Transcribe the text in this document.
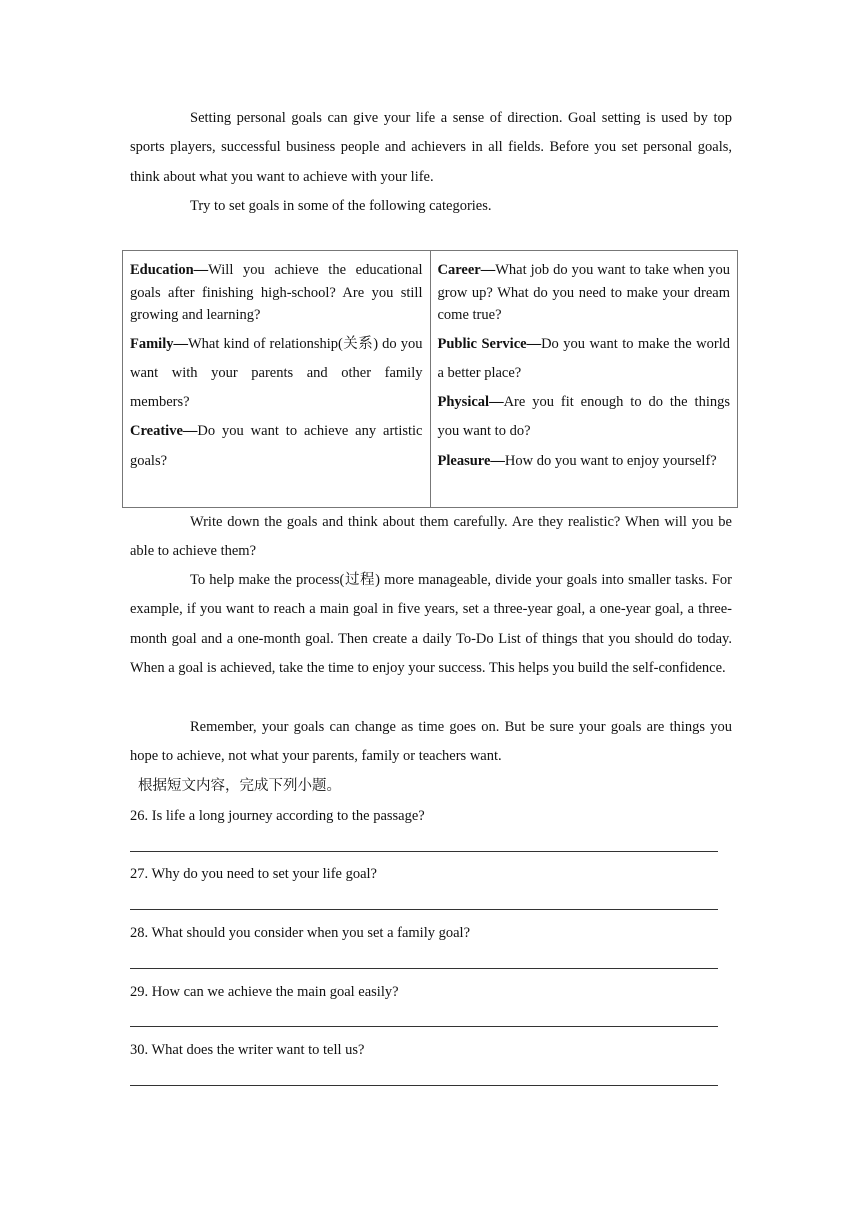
Setting personal goals can give your life a sense of direction. Goal setting is used by top sports players, successful business people and achievers in all fields. Before you set personal goals, think about what you want to achieve with your life.

Try to set goals in some of the following categories.

Education—Will you achieve the educational goals after finishing high-school? Are you still growing and learning?

Family—What kind of relationship(关系) do you want with your parents and other family members?

Creative—Do you want to achieve any artistic goals?

Career—What job do you want to take when you grow up? What do you need to make your dream come true?

Public Service—Do you want to make the world a better place?

Physical—Are you fit enough to do the things you want to do?

Pleasure—How do you want to enjoy yourself?

Write down the goals and think about them carefully. Are they realistic? When will you be able to achieve them?

To help make the process(过程) more manageable, divide your goals into smaller tasks. For example, if you want to reach a main goal in five years, set a three-year goal, a one-year goal, a three-month goal and a one-month goal. Then create a daily To-Do List of things that you should do today. When a goal is achieved, take the time to enjoy your success. This helps you build the self-confidence.

Remember, your goals can change as time goes on. But be sure your goals are things you hope to achieve, not what your parents, family or teachers want.

根据短文内容，完成下列小题。

26. Is life a long journey according to the passage?

27. Why do you need to set your life goal?

28. What should you consider when you set a family goal?

29. How can we achieve the main goal easily?

30. What does the writer want to tell us?
